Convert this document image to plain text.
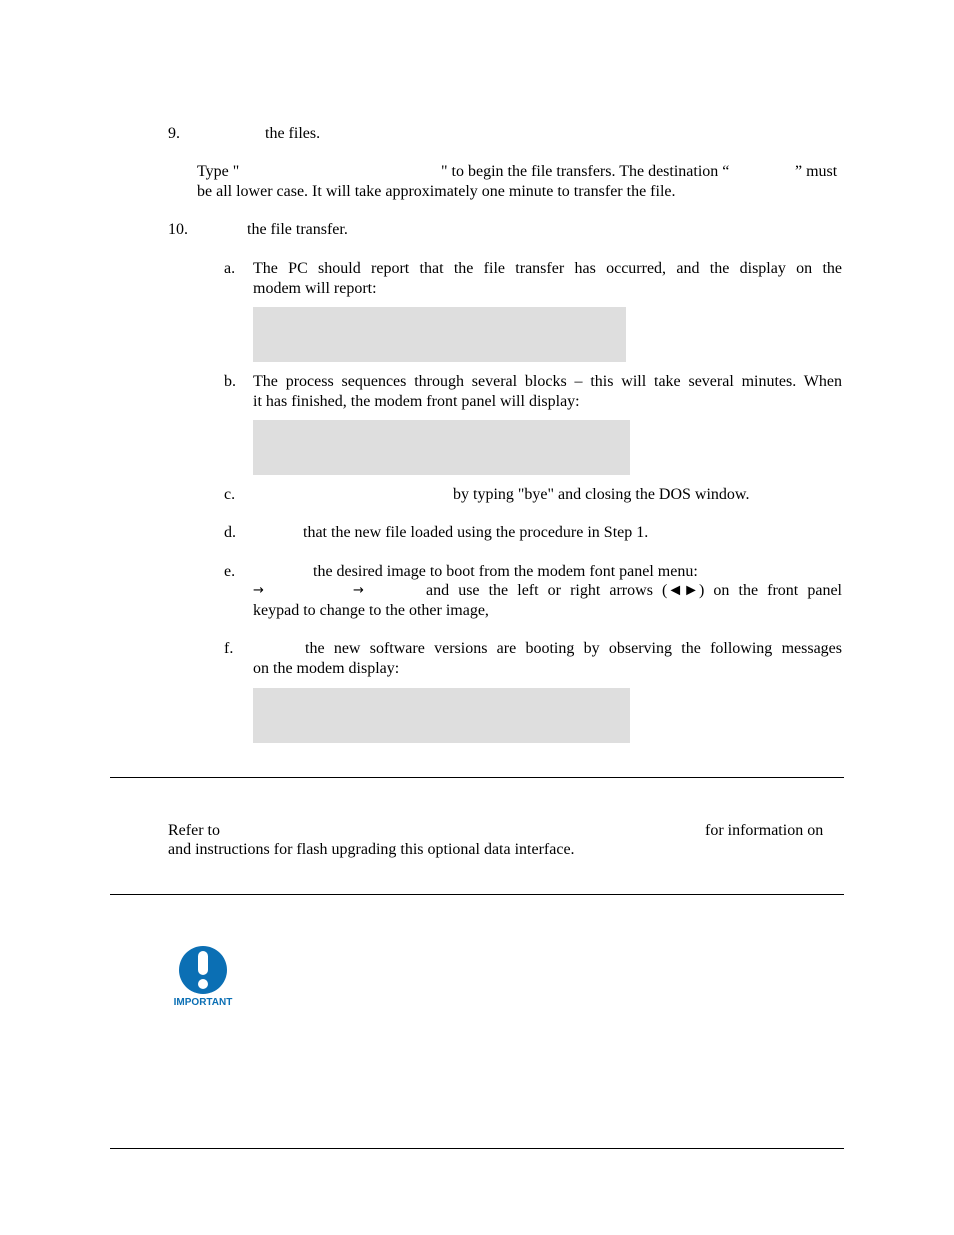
9.	the files.
Type "	" to begin the file transfers. The destination “	” must
be all lower case. It will take approximately one minute to transfer the file.
10.	the file transfer.
a. The PC should report that the file transfer has occurred, and the display on the
modem will report:
b. The process sequences through several blocks – this will take several minutes. When
it has finished, the modem front panel will display:
c.	by typing "bye" and closing the DOS window.
d.	that the new file loaded using the procedure in Step 1.
e.	the desired image to boot from the modem font panel menu:
→	→	and use the left or right arrows (◄►) on the front panel
keypad to change to the other image,
f.	the new software versions are booting by observing the following messages
on the modem display:
Refer to	for information on
and instructions for flash upgrading this optional data interface.
IMPORTANT
